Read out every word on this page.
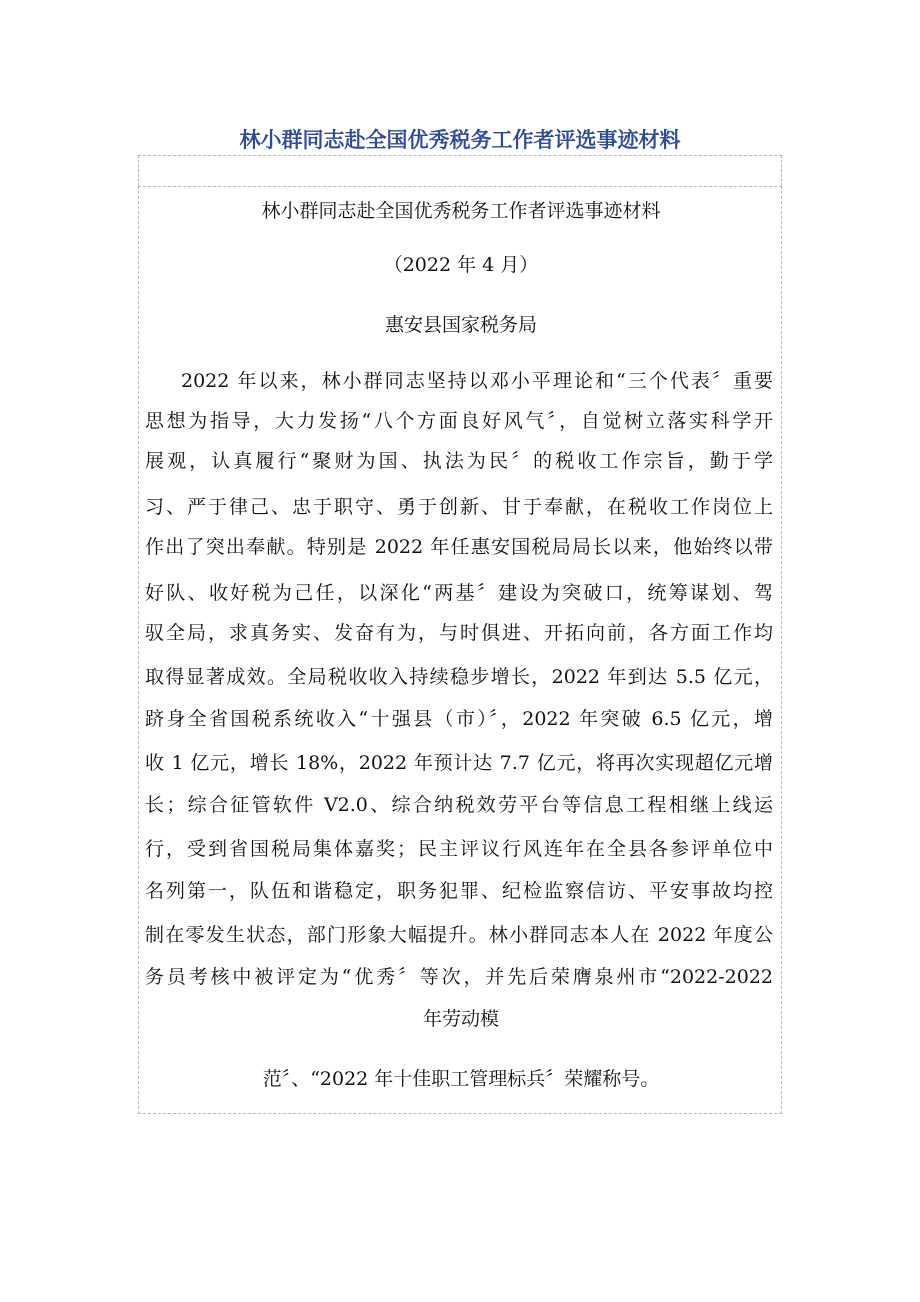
林小群同志赴全国优秀税务工作者评选事迹材料
林小群同志赴全国优秀税务工作者评选事迹材料
（2022 年 4 月）
惠安县国家税务局
2022 年以来，林小群同志坚持以邓小平理论和“三个代表〞重要
思想为指导，大力发扬“八个方面良好风气〞，自觉树立落实科学开
展观，认真履行“聚财为国、执法为民〞的税收工作宗旨，勤于学
习、严于律己、忠于职守、勇于创新、甘于奉献，在税收工作岗位上
作出了突出奉献。特别是 2022 年任惠安国税局局长以来，他始终以带
好队、收好税为己任，以深化“两基〞建设为突破口，统筹谋划、驾
驭全局，求真务实、发奋有为，与时俱进、开拓向前，各方面工作均
取得显著成效。全局税收收入持续稳步增长，2022 年到达 5.5 亿元，
跻身全省国税系统收入“十强县（市）〞，2022 年突破 6.5 亿元，增
收 1 亿元，增长 18%，2022 年预计达 7.7 亿元，将再次实现超亿元增
长；综合征管软件 V2.0、综合纳税效劳平台等信息工程相继上线运
行，受到省国税局集体嘉奖；民主评议行风连年在全县各参评单位中
名列第一，队伍和谐稳定，职务犯罪、纪检监察信访、平安事故均控
制在零发生状态，部门形象大幅提升。林小群同志本人在 2022 年度公
务员考核中被评定为“优秀〞等次，并先后荣膺泉州市“2022-2022
年劳动模
范〞、“2022 年十佳职工管理标兵〞荣耀称号。
